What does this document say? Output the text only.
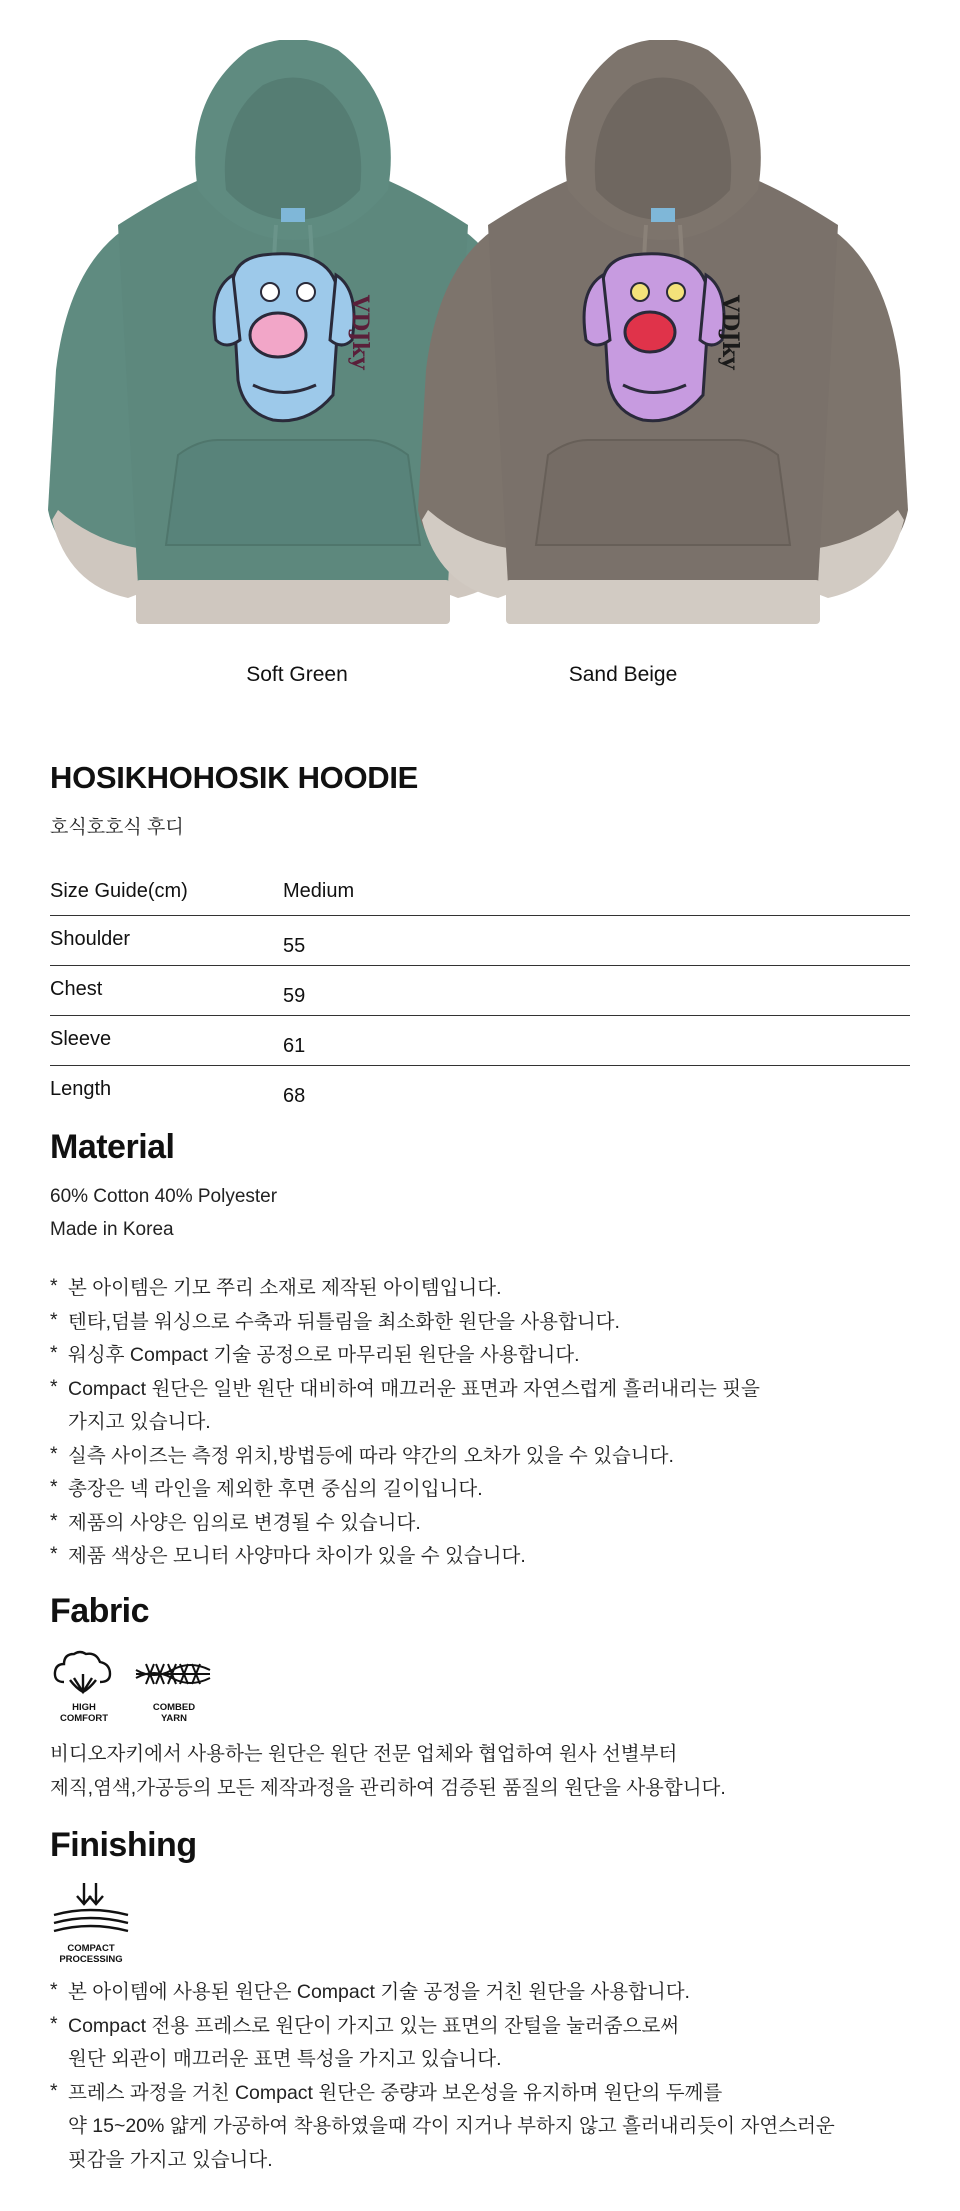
VDJky	VDJky
Soft Green	Sand Beige
HOSIKHOHOSIK HOODIE
호식호호식 후디
Size Guide(cm)	Medium
Shoulder	55
Chest	59
Sleeve	61
Length	68
Material
60% Cotton 40% Polyester
Made in Korea
* 본 아이템은 기모 쭈리 소재로 제작된 아이템입니다.
* 텐타,덤블 워싱으로 수축과 뒤틀림을 최소화한 원단을 사용합니다.
* 워싱후 Compact 기술 공정으로 마무리된 원단을 사용합니다.
* Compact 원단은 일반 원단 대비하여 매끄러운 표면과 자연스럽게 흘러내리는 핏을
가지고 있습니다.
* 실측 사이즈는 측정 위치,방법등에 따라 약간의 오차가 있을 수 있습니다.
* 총장은 넥 라인을 제외한 후면 중심의 길이입니다.
* 제품의 사양은 임의로 변경될 수 있습니다.
* 제품 색상은 모니터 사양마다 차이가 있을 수 있습니다.
Fabric
HIGH
COMFORT
COMBED
YARN
비디오자키에서 사용하는 원단은 원단 전문 업체와 협업하여 원사 선별부터
제직,염색,가공등의 모든 제작과정을 관리하여 검증된 품질의 원단을 사용합니다.
Finishing
COMPACT
PROCESSING
* 본 아이템에 사용된 원단은 Compact 기술 공정을 거친 원단을 사용합니다.
* Compact 전용 프레스로 원단이 가지고 있는 표면의 잔털을 눌러줌으로써
원단 외관이 매끄러운 표면 특성을 가지고 있습니다.
* 프레스 과정을 거친 Compact 원단은 중량과 보온성을 유지하며 원단의 두께를
약 15~20% 얇게 가공하여 착용하였을때 각이 지거나 부하지 않고 흘러내리듯이 자연스러운
핏감을 가지고 있습니다.
